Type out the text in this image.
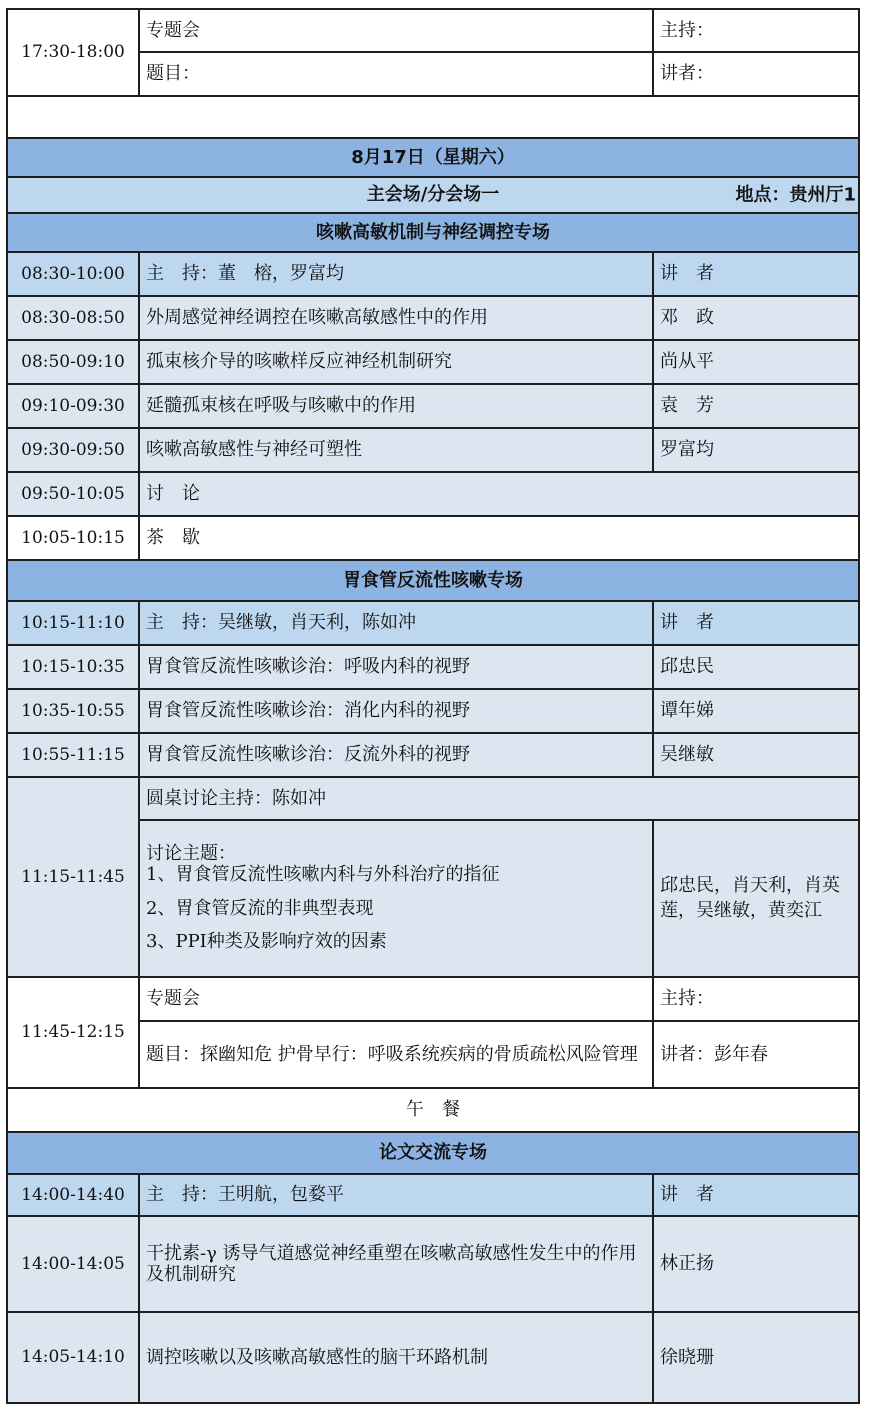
17:30-18:00	专题会	主持：
	题目：	讲者：

8月17日（星期六）		
主会场/分会场一 地点：贵州厅1		

咳嗽高敏机制与神经调控专场		
08:30-10:00	主　持：董　榕，罗富均	讲　者
08:30-08:50	外周感觉神经调控在咳嗽高敏感性中的作用	邓　政
08:50-09:10	孤束核介导的咳嗽样反应神经机制研究	尚从平
09:10-09:30	延髓孤束核在呼吸与咳嗽中的作用	袁　芳
09:30-09:50	咳嗽高敏感性与神经可塑性	罗富均
09:50-10:05	讨　论	
10:05-10:15	茶　歇	
胃食管反流性咳嗽专场		
10:15-11:10	主　持：吴继敏，肖天利，陈如冲	讲　者
10:15-10:35	胃食管反流性咳嗽诊治：呼吸内科的视野	邱忠民
10:35-10:55	胃食管反流性咳嗽诊治：消化内科的视野	谭年娣
10:55-11:15	胃食管反流性咳嗽诊治：反流外科的视野	吴继敏
11:15-11:45	圆桌讨论主持：陈如冲	

	讨论主题：
1、胃食管反流性咳嗽内科与外科治疗的指征
2、胃食管反流的非典型表现
3、PPI种类及影响疗效的因素	邱忠民，肖天利，肖英莲，吴继敏，黄奕江
11:45-12:15	专题会	主持：
	题目：探幽知危 护骨早行：呼吸系统疾病的骨质疏松风险管理	讲者：彭年春
午　餐		
论文交流专场		
14:00-14:40	主　持：王明航，包婺平	讲　者
14:00-14:05	干扰素-γ 诱导气道感觉神经重塑在咳嗽高敏感性发生中的作用及机制研究	林正扬
14:05-14:10	调控咳嗽以及咳嗽高敏感性的脑干环路机制	徐晓珊
